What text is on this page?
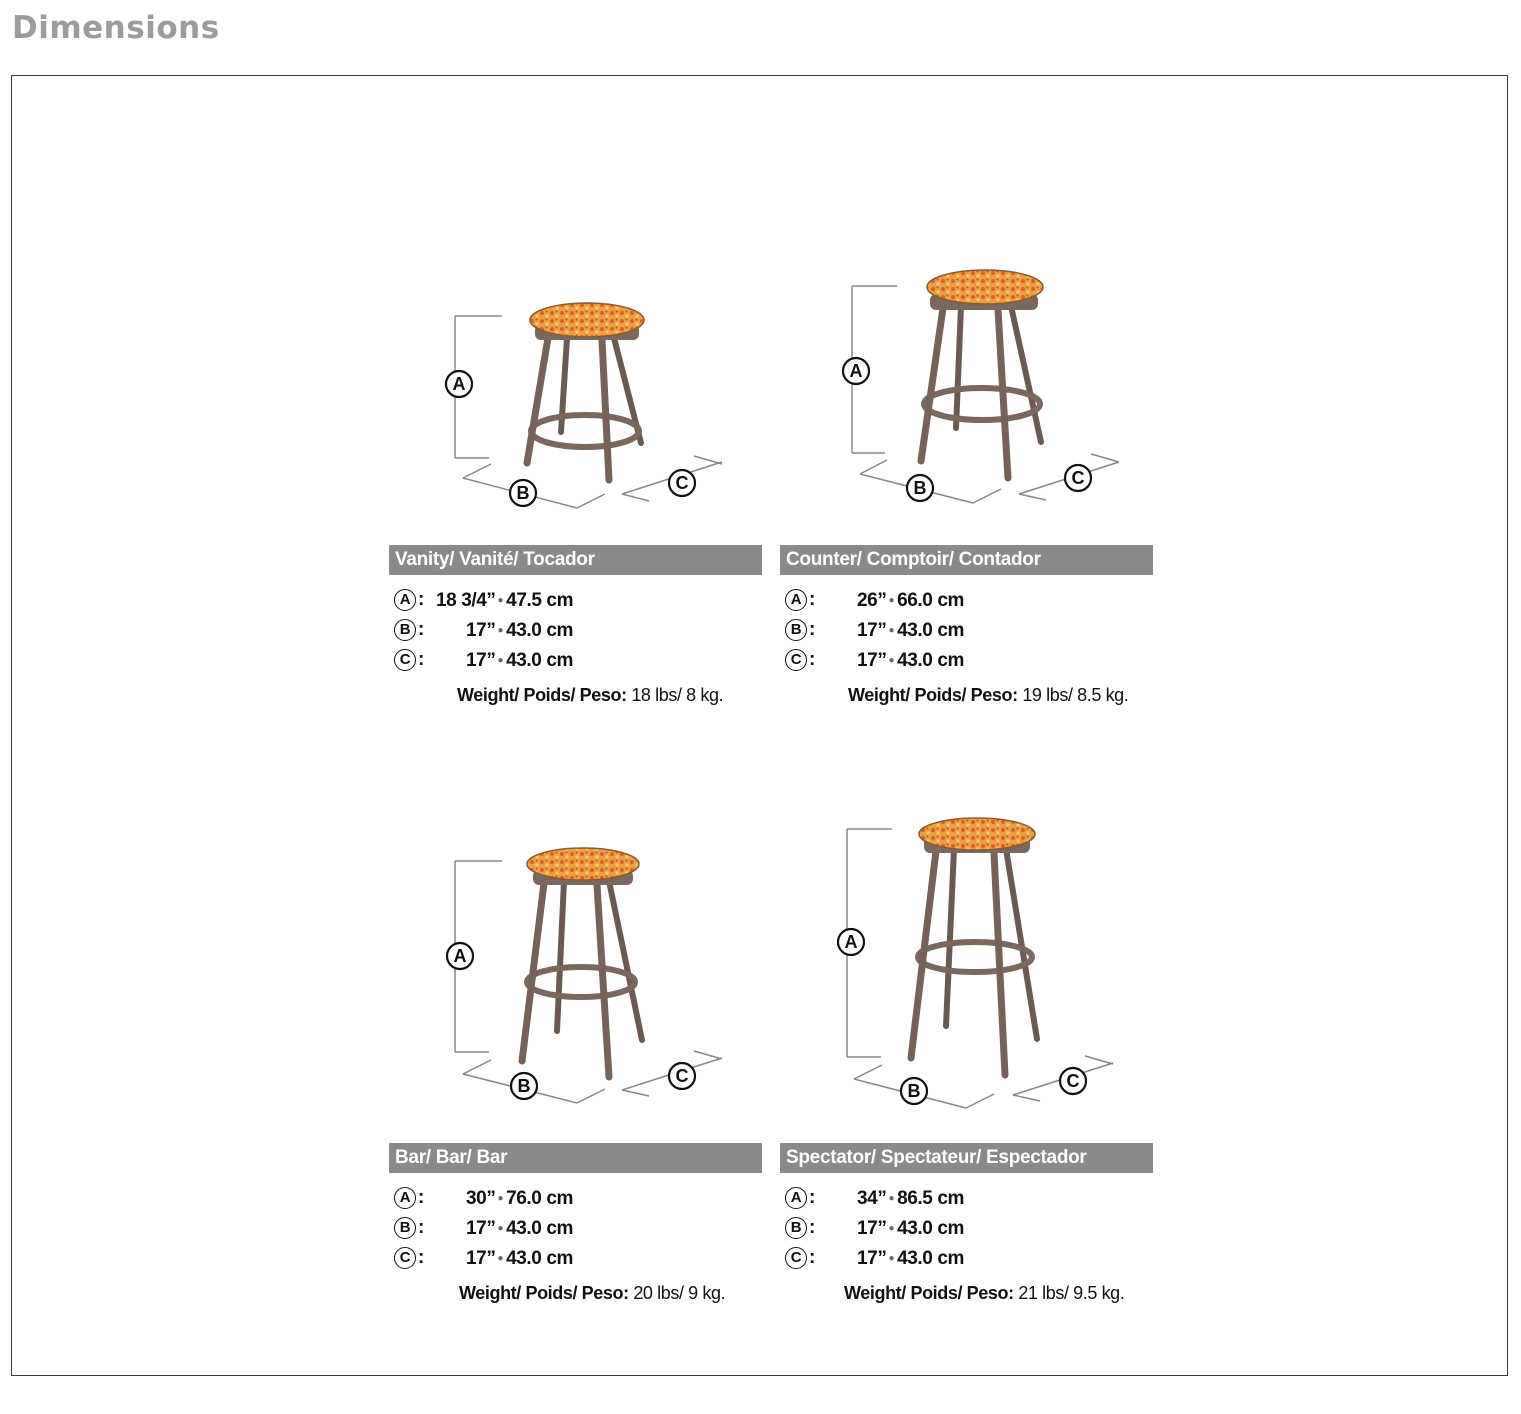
Dimensions
A
B	C
Vanity/ Vanité/ Tocador
A : 18 3/4” ● 47.5 cm
B : 17” ● 43.0 cm
C : 17” ● 43.0 cm
Weight/ Poids/ Peso: 18 lbs/ 8 kg.
A
B	C
Counter/ Comptoir/ Contador
A : 26” ● 66.0 cm
B : 17” ● 43.0 cm
C : 17” ● 43.0 cm
Weight/ Poids/ Peso: 19 lbs/ 8.5 kg.
A
B	C
Bar/ Bar/ Bar
A : 30” ● 76.0 cm
B : 17” ● 43.0 cm
C : 17” ● 43.0 cm
Weight/ Poids/ Peso: 20 lbs/ 9 kg.
A
B	C
Spectator/ Spectateur/ Espectador
A : 34” ● 86.5 cm
B : 17” ● 43.0 cm
C : 17” ● 43.0 cm
Weight/ Poids/ Peso: 21 lbs/ 9.5 kg.
